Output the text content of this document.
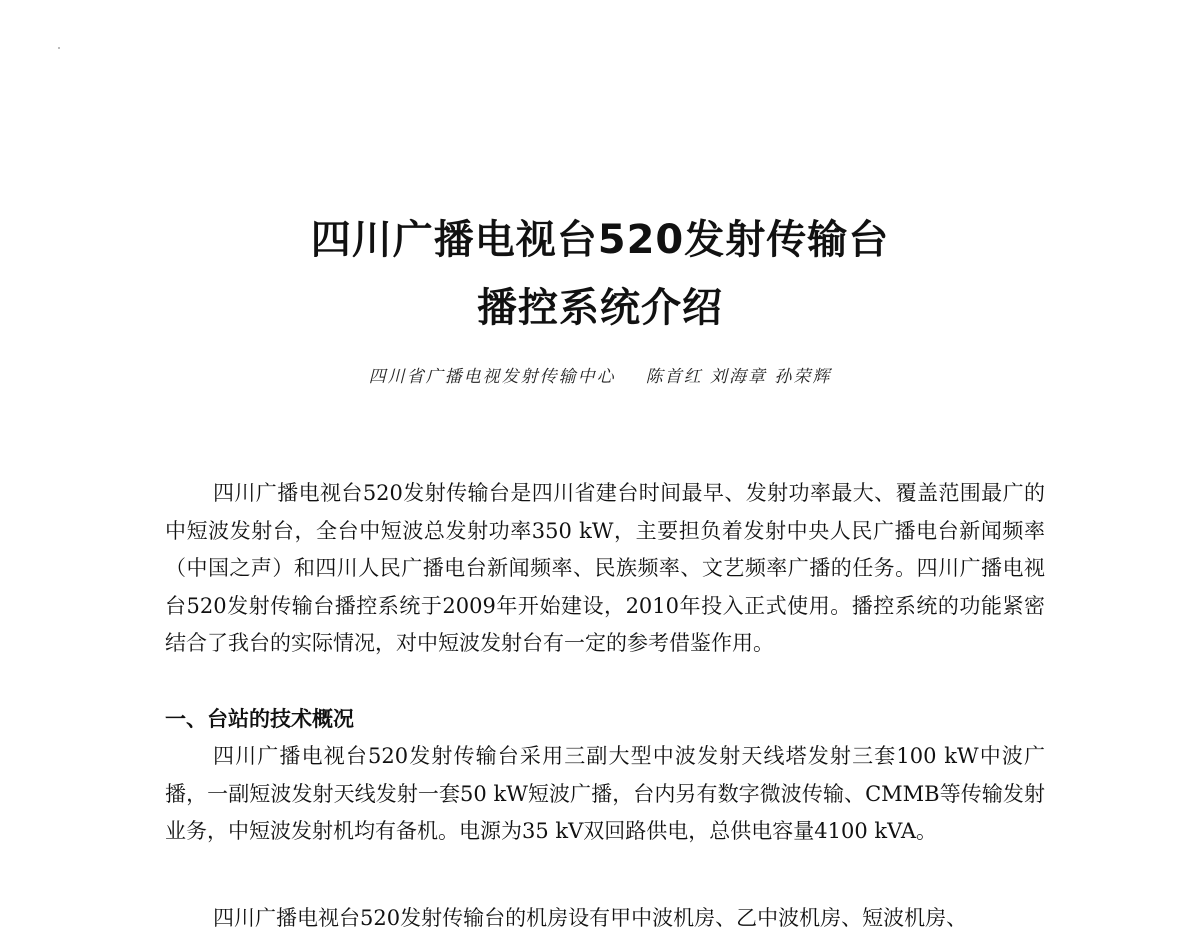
四川广播电视台520发射传输台
播控系统介绍
四川省广播电视发射传输中心 陈首红 刘海章 孙荣辉

四川广播电视台520发射传输台是四川省建台时间最早、发射功率最大、覆盖范围最广的中短波发射台，全台中短波总发射功率350 kW，主要担负着发射中央人民广播电台新闻频率（中国之声）和四川人民广播电台新闻频率、民族频率、文艺频率广播的任务。四川广播电视台520发射传输台播控系统于2009年开始建设，2010年投入正式使用。播控系统的功能紧密结合了我台的实际情况，对中短波发射台有一定的参考借鉴作用。

一、台站的技术概况

四川广播电视台520发射传输台采用三副大型中波发射天线塔发射三套100 kW中波广播，一副短波发射天线发射一套50 kW短波广播，台内另有数字微波传输、CMMB等传输发射业务，中短波发射机均有备机。电源为35 kV双回路供电，总供电容量4100 kVA。

四川广播电视台520发射传输台的机房设有甲中波机房、乙中波机房、短波机房、
